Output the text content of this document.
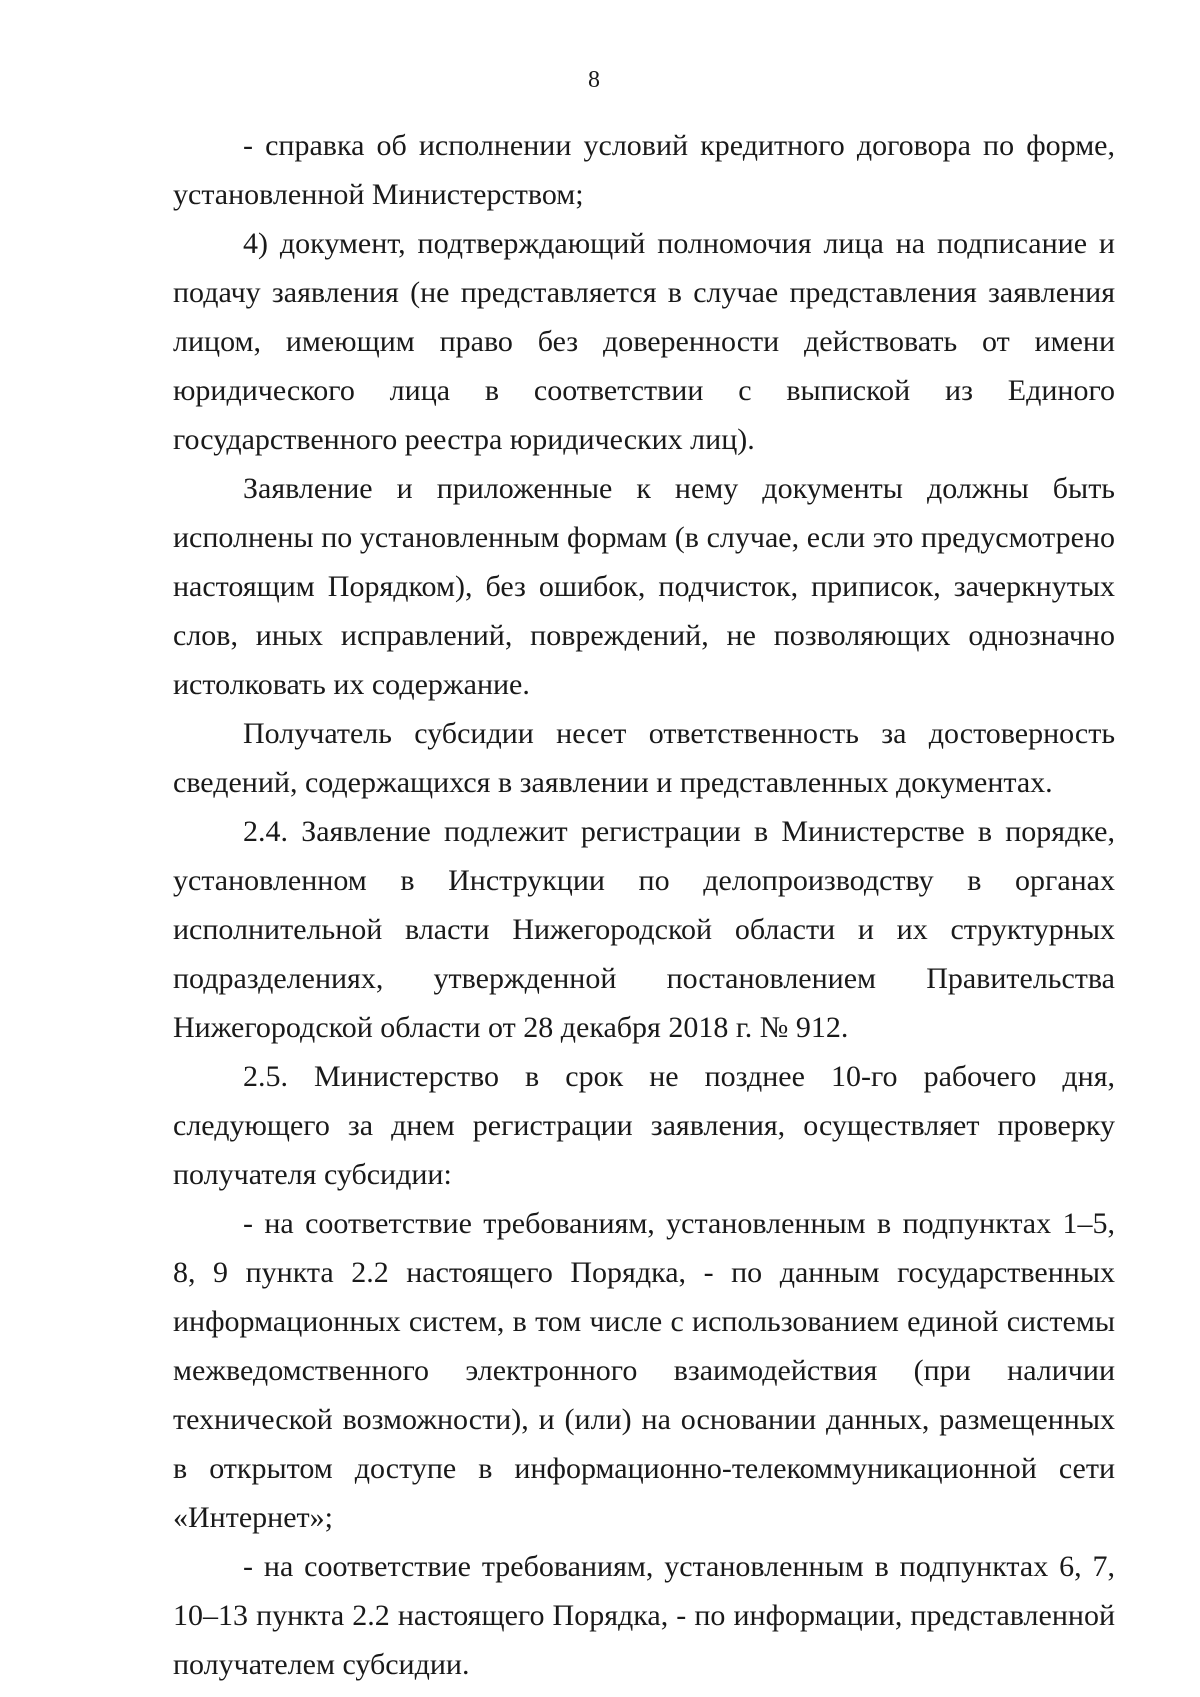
8

- справка об исполнении условий кредитного договора по форме, установленной Министерством;

4) документ, подтверждающий полномочия лица на подписание и подачу заявления (не представляется в случае представления заявления лицом, имеющим право без доверенности действовать от имени юридического лица в соответствии с выпиской из Единого государственного реестра юридических лиц).

Заявление и приложенные к нему документы должны быть исполнены по установленным формам (в случае, если это предусмотрено настоящим Порядком), без ошибок, подчисток, приписок, зачеркнутых слов, иных исправлений, повреждений, не позволяющих однозначно истолковать их содержание.

Получатель субсидии несет ответственность за достоверность сведений, содержащихся в заявлении и представленных документах.

2.4. Заявление подлежит регистрации в Министерстве в порядке, установленном в Инструкции по делопроизводству в органах исполнительной власти Нижегородской области и их структурных подразделениях, утвержденной постановлением Правительства Нижегородской области от 28 декабря 2018 г. № 912.

2.5. Министерство в срок не позднее 10-го рабочего дня, следующего за днем регистрации заявления, осуществляет проверку получателя субсидии:

- на соответствие требованиям, установленным в подпунктах 1–5, 8, 9 пункта 2.2 настоящего Порядка, - по данным государственных информационных систем, в том числе с использованием единой системы межведомственного электронного взаимодействия (при наличии технической возможности), и (или) на основании данных, размещенных в открытом доступе в информационно-телекоммуникационной сети «Интернет»;

- на соответствие требованиям, установленным в подпунктах 6, 7, 10–13 пункта 2.2 настоящего Порядка, - по информации, представленной получателем субсидии.
